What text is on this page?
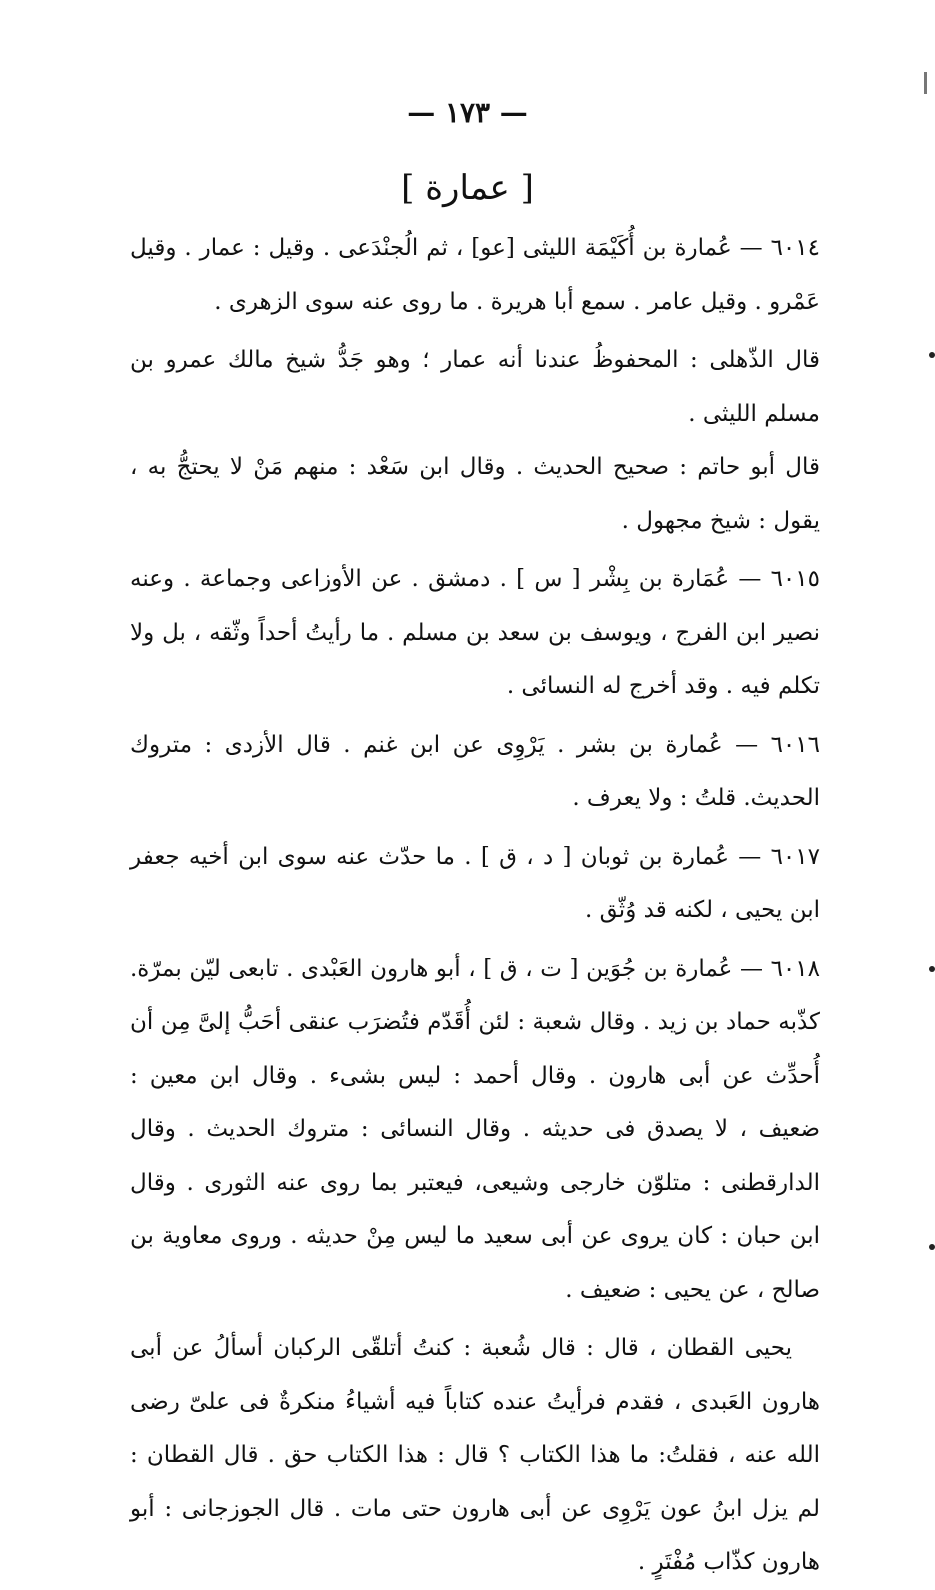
— ١٧٣ —
[ عمارة ]

٦٠١٤ — عُمارة بن أُكَيْمَة الليثى [عو] ، ثم الُجنْدَعى . وقيل : عمار . وقيل عَمْرو . وقيل عامر . سمع أبا هريرة . ما روى عنه سوى الزهرى .

قال الذّهلى : المحفوظُ عندنا أنه عمار ؛ وهو جَدُّ شيخ مالك عمرو بن مسلم الليثى .

قال أبو حاتم : صحيح الحديث . وقال ابن سَعْد : منهم مَنْ لا يحتجُّ به ، يقول : شيخ مجهول .

٦٠١٥ — عُمَارة بن بِشْر [ س ] . دمشق . عن الأوزاعى وجماعة . وعنه نصير ابن الفرج ، ويوسف بن سعد بن مسلم . ما رأيتُ أحداً وثّقه ، بل ولا تكلم فيه . وقد أخرج له النسائى .

٦٠١٦ — عُمارة بن بشر . يَرْوِى عن ابن غنم . قال الأزدى : متروك الحديث. قلتُ : ولا يعرف .

٦٠١٧ — عُمارة بن ثوبان [ د ، ق ] . ما حدّث عنه سوى ابن أخيه جعفر ابن يحيى ، لكنه قد وُثّق .

٦٠١٨ — عُمارة بن جُوَين [ ت ، ق ] ، أبو هارون العَبْدى . تابعى ليّن بمرّة. كذّبه حماد بن زيد . وقال شعبة : لئن أُقَدّم فتُضرَب عنقى أحَبُّ إلىَّ مِن أن أُحدِّث عن أبى هارون . وقال أحمد : ليس بشىء . وقال ابن معين : ضعيف ، لا يصدق فى حديثه . وقال النسائى : متروك الحديث . وقال الدارقطنى : متلوّن خارجى وشيعى، فيعتبر بما روى عنه الثورى . وقال ابن حبان : كان يروى عن أبى سعيد ما ليس مِنْ حديثه . وروى معاوية بن صالح ، عن يحيى : ضعيف .

يحيى القطان ، قال : قال شُعبة : كنتُ أتلقّى الركبان أسألُ عن أبى هارون العَبدى ، فقدم فرأيتُ عنده كتاباً فيه أشياءُ منكرةٌ فى علىّ رضى الله عنه ، فقلتُ: ما هذا الكتاب ؟ قال : هذا الكتاب حق . قال القطان : لم يزل ابنُ عون يَرْوِى عن أبى هارون حتى مات . قال الجوزجانى : أبو هارون كذّاب مُفْتَرٍ .
